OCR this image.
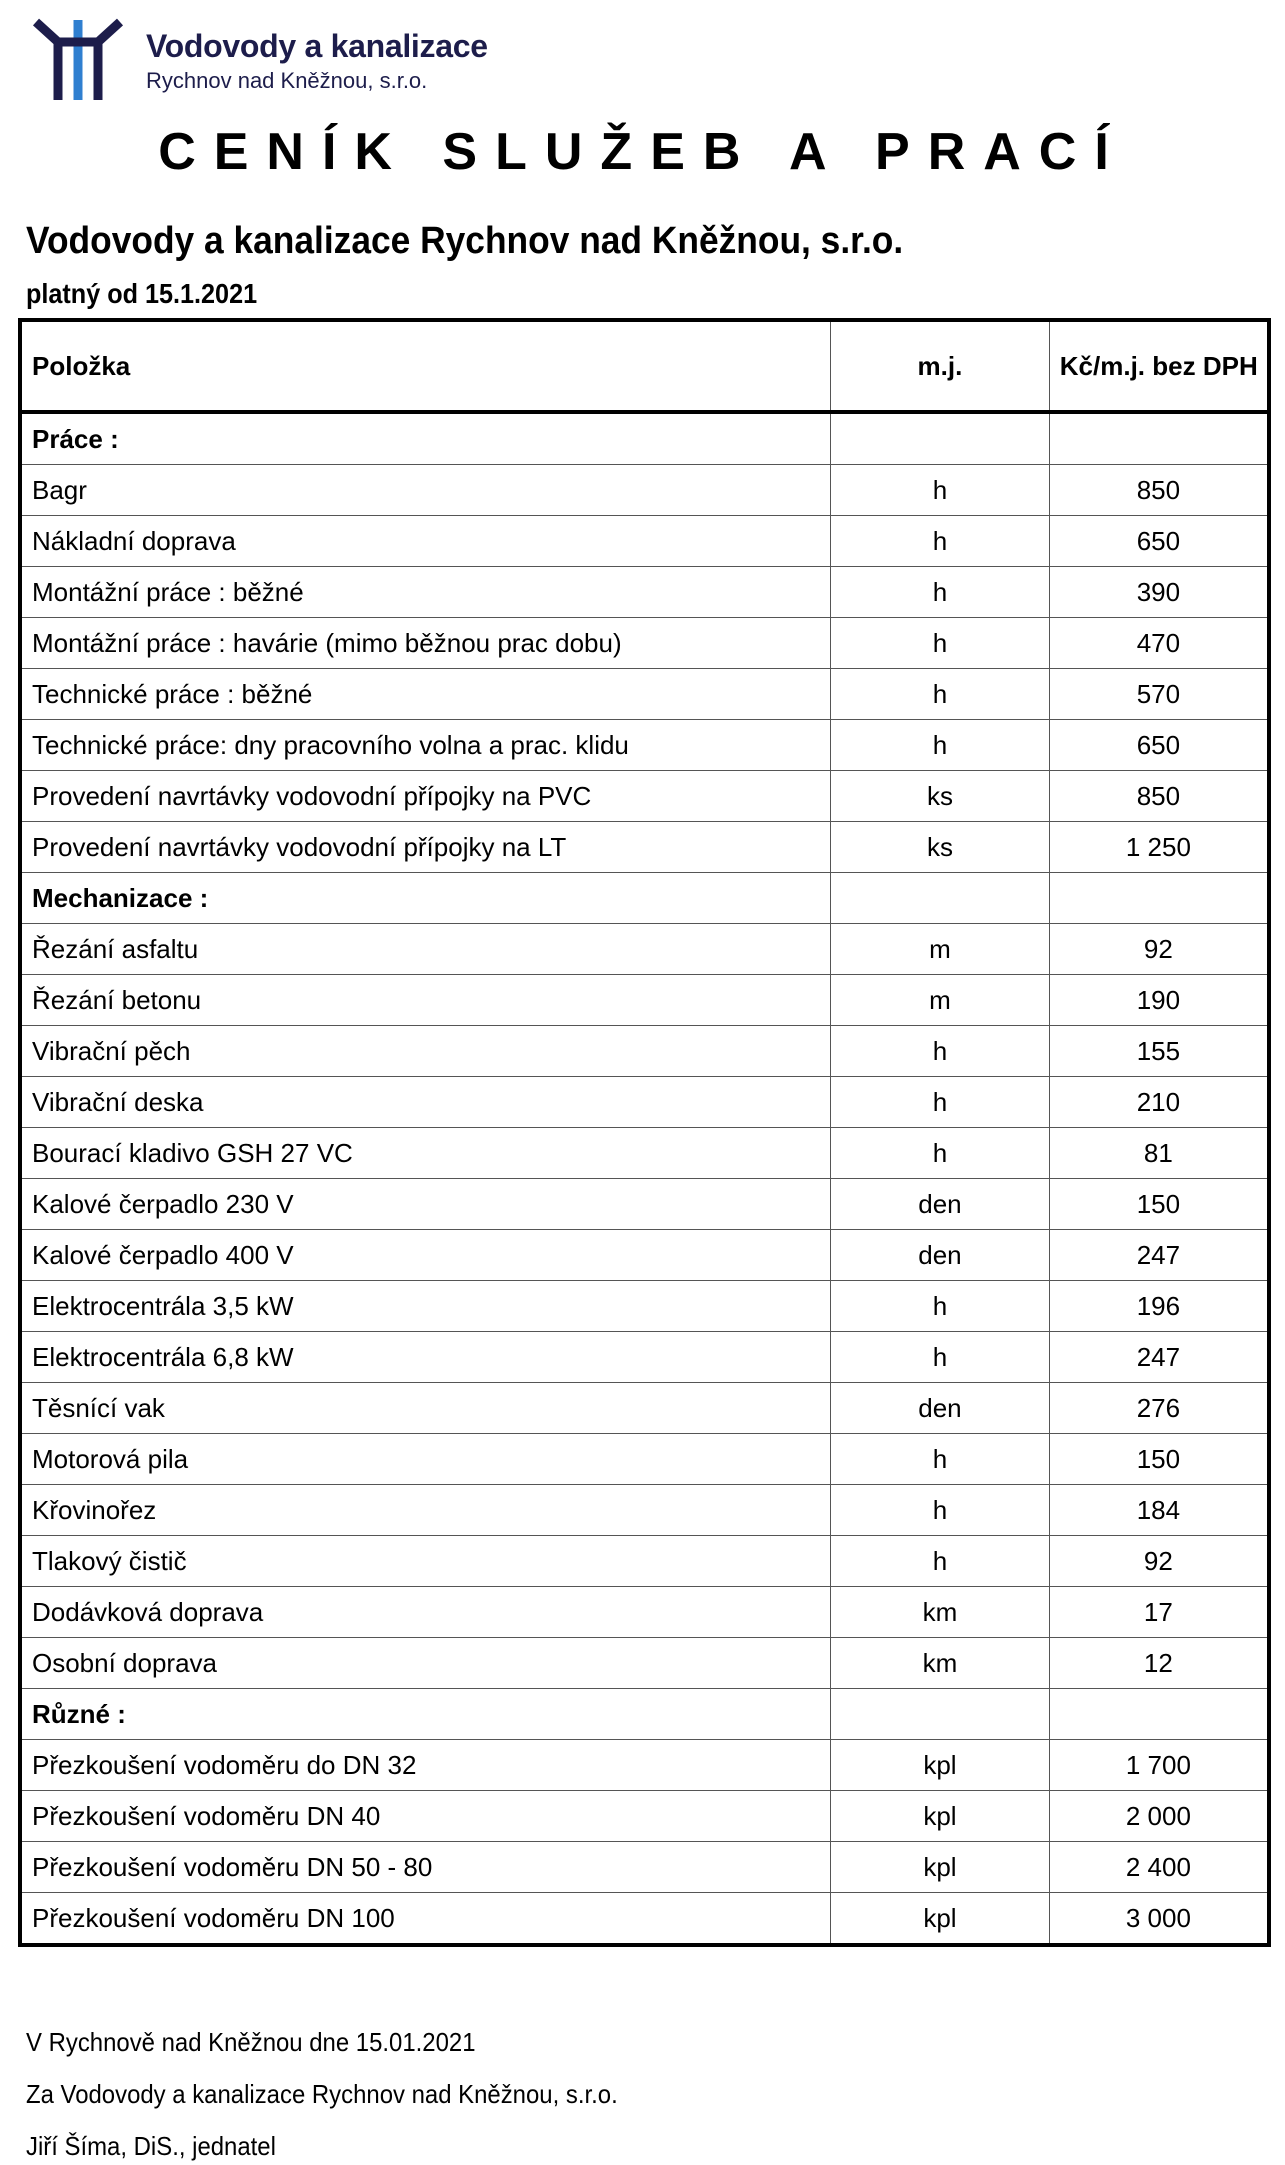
Vodovody a kanalizace
Rychnov nad Kněžnou, s.r.o.
CENÍK SLUŽEB A PRACÍ
Vodovody a kanalizace Rychnov nad Kněžnou, s.r.o.
platný od 15.1.2021
Položka	m.j.	Kč/m.j. bez DPH
Práce :		
Bagr	h	850
Nákladní doprava	h	650
Montážní práce : běžné	h	390
Montážní práce : havárie (mimo běžnou prac dobu)	h	470
Technické práce : běžné	h	570
Technické práce: dny pracovního volna a prac. klidu	h	650
Provedení navrtávky vodovodní přípojky na PVC	ks	850
Provedení navrtávky vodovodní přípojky na LT	ks	1 250
Mechanizace :		
Řezání asfaltu	m	92
Řezání betonu	m	190
Vibrační pěch	h	155
Vibrační deska	h	210
Bourací kladivo GSH 27 VC	h	81
Kalové čerpadlo 230 V	den	150
Kalové čerpadlo 400 V	den	247
Elektrocentrála 3,5 kW	h	196
Elektrocentrála 6,8 kW	h	247
Těsnící vak	den	276
Motorová pila	h	150
Křovinořez	h	184
Tlakový čistič	h	92
Dodávková doprava	km	17
Osobní doprava	km	12
Různé :		
Přezkoušení vodoměru do DN 32	kpl	1 700
Přezkoušení vodoměru DN 40	kpl	2 000
Přezkoušení vodoměru DN 50 - 80	kpl	2 400
Přezkoušení vodoměru DN 100	kpl	3 000
V Rychnově nad Kněžnou dne 15.01.2021
Za Vodovody a kanalizace Rychnov nad Kněžnou, s.r.o.
Jiří Šíma, DiS., jednatel
